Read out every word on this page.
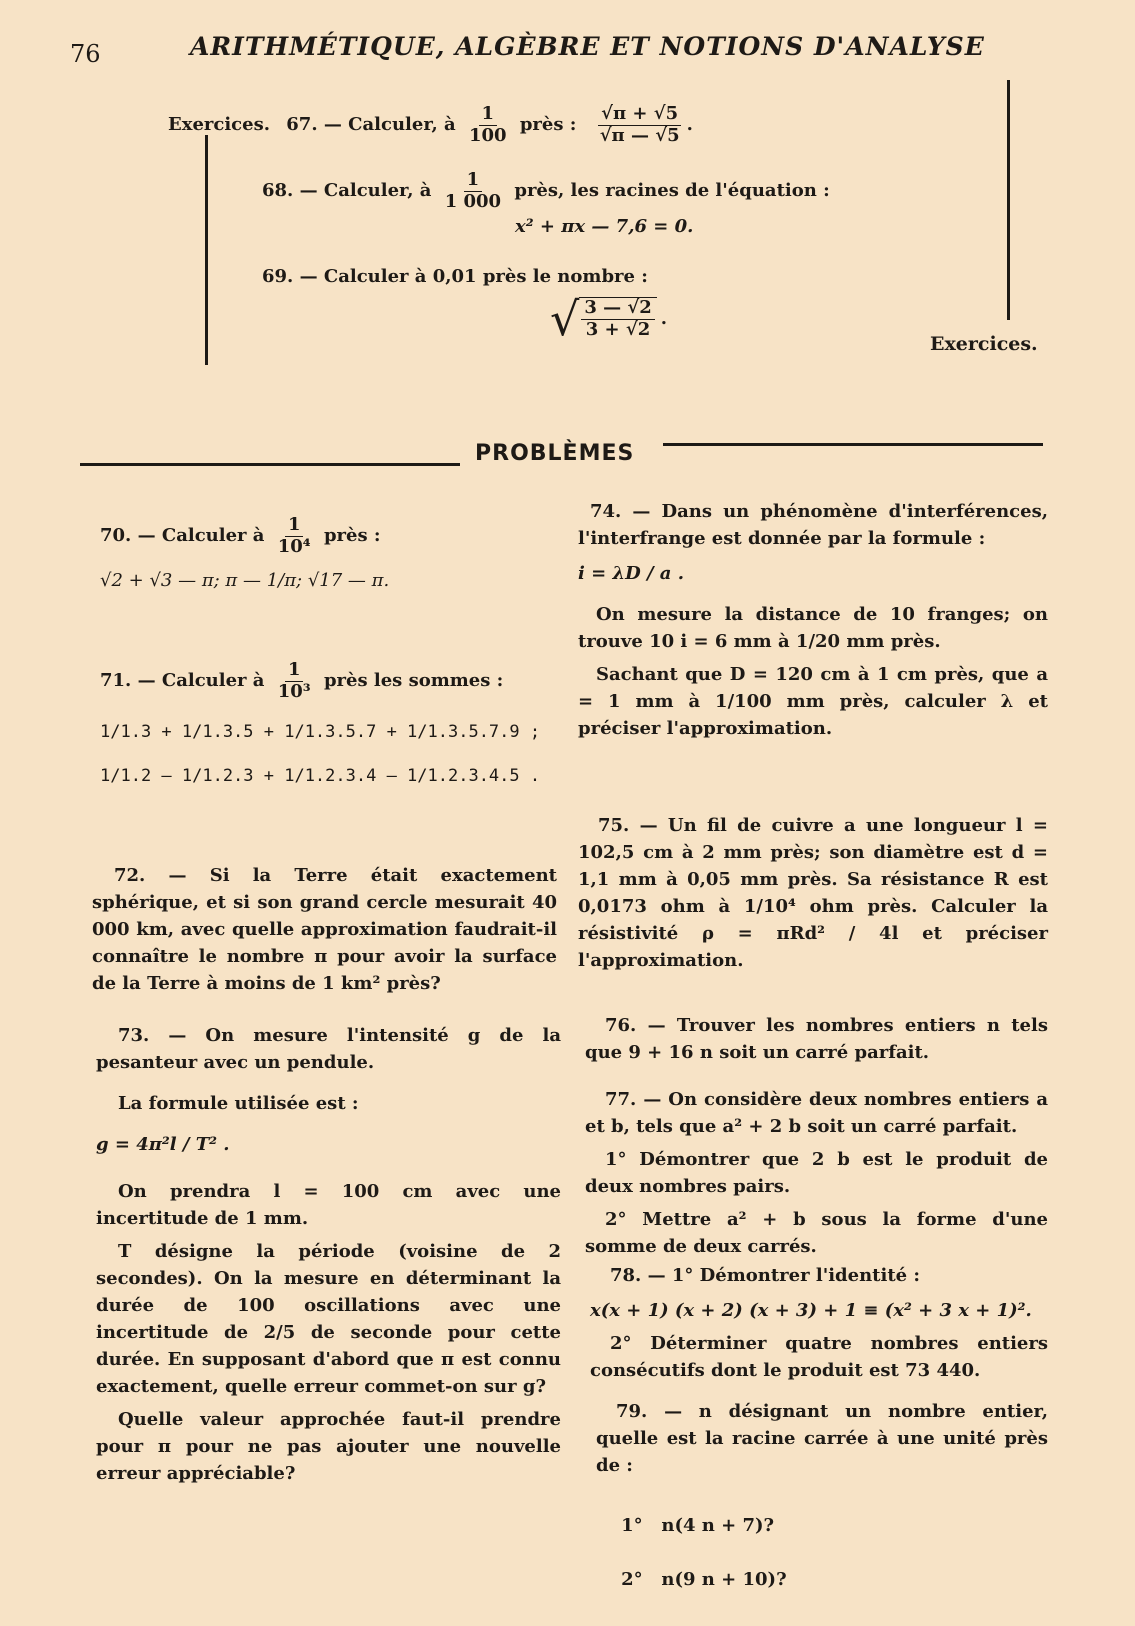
76	ARITHMÉTIQUE, ALGÈBRE ET NOTIONS D'ANALYSE
Exercices. 67. — Calculer, à $\frac{1}{100}$ près : $\frac{√\pi + √5}{√\pi — √5}$ .
68. — Calculer, à $\frac{1}{1 000}$ près, les racines de l'équation :
x² + πx — 7,6 = 0.
69. — Calculer à 0,01 près le nombre :
√ $\frac{3 — √2}{3 + √2}$ .
Exercices.
PROBLÈMES

70. — Calculer à $\frac{1}{\text{10⁴}}$ près :

√2 + √3 — π; π — 1/π; √17 — π.

71. — Calculer à $\frac{1}{\text{10³}}$ près les sommes :

1/1.3 + 1/1.3.5 + 1/1.3.5.7 + 1/1.3.5.7.9 ;

1/1.2 — 1/1.2.3 + 1/1.2.3.4 — 1/1.2.3.4.5 .

72. — Si la Terre était exactement sphérique, et si son grand cercle mesurait 40 000 km, avec quelle approximation faudrait-il connaître le nombre π pour avoir la surface de la Terre à moins de 1 km² près?

73. — On mesure l'intensité g de la pesanteur avec un pendule.

La formule utilisée est :

g = 4π²l / T² .

On prendra l = 100 cm avec une incertitude de 1 mm.

T désigne la période (voisine de 2 secondes). On la mesure en déterminant la durée de 100 oscillations avec une incertitude de 2/5 de seconde pour cette durée. En supposant d'abord que π est connu exactement, quelle erreur commet-on sur g?

Quelle valeur approchée faut-il prendre pour π pour ne pas ajouter une nouvelle erreur appréciable?

74. — Dans un phénomène d'interférences, l'interfrange est donnée par la formule :

i = λD / a .

On mesure la distance de 10 franges; on trouve 10 i = 6 mm à 1/20 mm près.

Sachant que D = 120 cm à 1 cm près, que a = 1 mm à 1/100 mm près, calculer λ et préciser l'approximation.

75. — Un fil de cuivre a une longueur l = 102,5 cm à 2 mm près; son diamètre est d = 1,1 mm à 0,05 mm près. Sa résistance R est 0,0173 ohm à 1/10⁴ ohm près. Calculer la résistivité ρ = πRd² / 4l et préciser l'approximation.

76. — Trouver les nombres entiers n tels que 9 + 16 n soit un carré parfait.

77. — On considère deux nombres entiers a et b, tels que a² + 2 b soit un carré parfait.

1° Démontrer que 2 b est le produit de deux nombres pairs.

2° Mettre a² + b sous la forme d'une somme de deux carrés.

78. — 1° Démontrer l'identité :

x(x + 1) (x + 2) (x + 3) + 1 ≡ (x² + 3 x + 1)².

2° Déterminer quatre nombres entiers consécutifs dont le produit est 73 440.

79. — n désignant un nombre entier, quelle est la racine carrée à une unité près de :

1°   n(4 n + 7)?

2°   n(9 n + 10)?
